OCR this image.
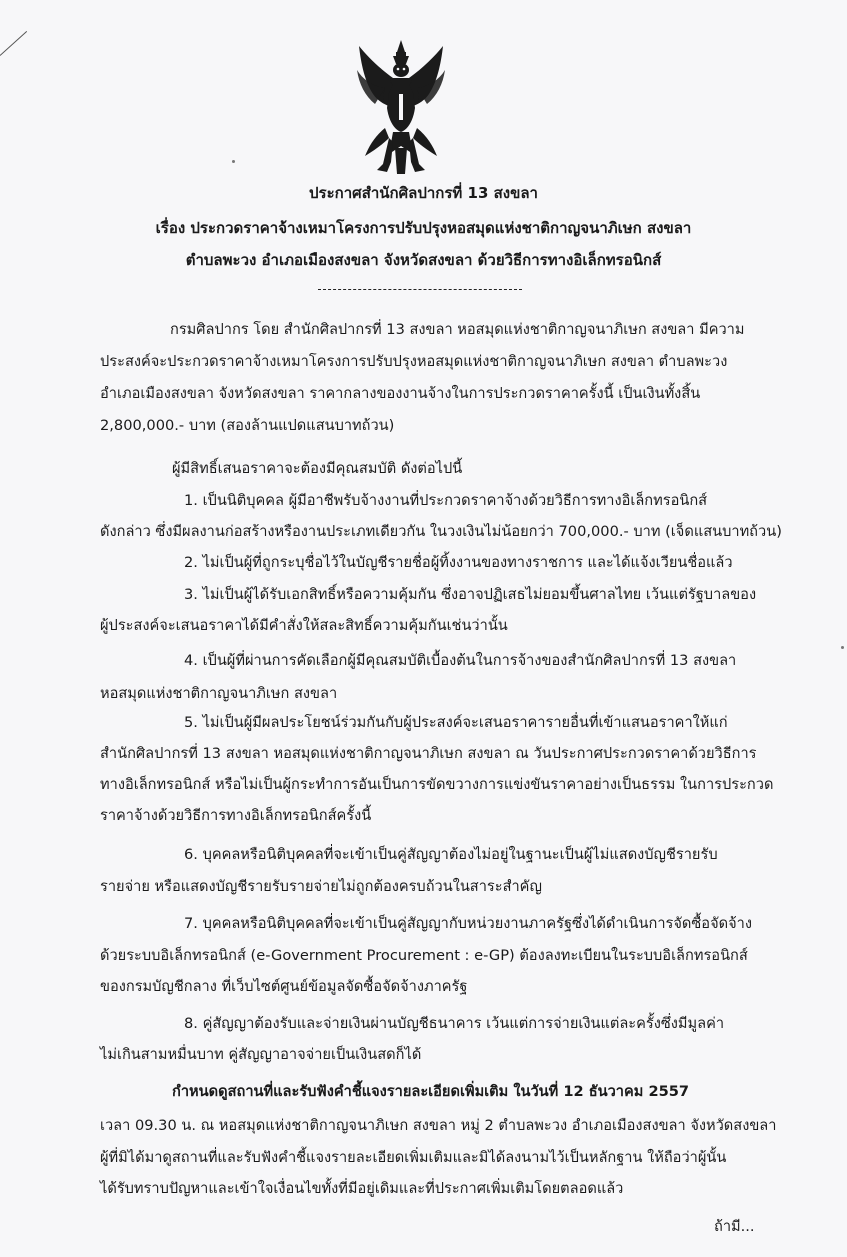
ประกาศสำนักศิลปากรที่ 13 สงขลา
เรื่อง ประกวดราคาจ้างเหมาโครงการปรับปรุงหอสมุดแห่งชาติกาญจนาภิเษก สงขลา
ตำบลพะวง อำเภอเมืองสงขลา จังหวัดสงขลา ด้วยวิธีการทางอิเล็กทรอนิกส์
กรมศิลปากร โดย สำนักศิลปากรที่ 13 สงขลา หอสมุดแห่งชาติกาญจนาภิเษก สงขลา มีความ
ประสงค์จะประกวดราคาจ้างเหมาโครงการปรับปรุงหอสมุดแห่งชาติกาญจนาภิเษก สงขลา ตำบลพะวง
อำเภอเมืองสงขลา จังหวัดสงขลา ราคากลางของงานจ้างในการประกวดราคาครั้งนี้ เป็นเงินทั้งสิ้น
2,800,000.- บาท (สองล้านแปดแสนบาทถ้วน)
ผู้มีสิทธิ์เสนอราคาจะต้องมีคุณสมบัติ ดังต่อไปนี้
1. เป็นนิติบุคคล ผู้มีอาชีพรับจ้างงานที่ประกวดราคาจ้างด้วยวิธีการทางอิเล็กทรอนิกส์
ดังกล่าว ซึ่งมีผลงานก่อสร้างหรืองานประเภทเดียวกัน ในวงเงินไม่น้อยกว่า 700,000.- บาท (เจ็ดแสนบาทถ้วน)
2. ไม่เป็นผู้ที่ถูกระบุชื่อไว้ในบัญชีรายชื่อผู้ทิ้งงานของทางราชการ และได้แจ้งเวียนชื่อแล้ว
3. ไม่เป็นผู้ได้รับเอกสิทธิ์หรือความคุ้มกัน ซึ่งอาจปฏิเสธไม่ยอมขึ้นศาลไทย เว้นแต่รัฐบาลของ
ผู้ประสงค์จะเสนอราคาได้มีคำสั่งให้สละสิทธิ์ความคุ้มกันเช่นว่านั้น
4. เป็นผู้ที่ผ่านการคัดเลือกผู้มีคุณสมบัติเบื้องต้นในการจ้างของสำนักศิลปากรที่ 13 สงขลา
หอสมุดแห่งชาติกาญจนาภิเษก สงขลา
5. ไม่เป็นผู้มีผลประโยชน์ร่วมกันกับผู้ประสงค์จะเสนอราคารายอื่นที่เข้าแสนอราคาให้แก่
สำนักศิลปากรที่ 13 สงขลา หอสมุดแห่งชาติกาญจนาภิเษก สงขลา ณ วันประกาศประกวดราคาด้วยวิธีการ
ทางอิเล็กทรอนิกส์ หรือไม่เป็นผู้กระทำการอันเป็นการขัดขวางการแข่งขันราคาอย่างเป็นธรรม ในการประกวด
ราคาจ้างด้วยวิธีการทางอิเล็กทรอนิกส์ครั้งนี้
6. บุคคลหรือนิติบุคคลที่จะเข้าเป็นคู่สัญญาต้องไม่อยู่ในฐานะเป็นผู้ไม่แสดงบัญชีรายรับ
รายจ่าย หรือแสดงบัญชีรายรับรายจ่ายไม่ถูกต้องครบถ้วนในสาระสำคัญ
7. บุคคลหรือนิติบุคคลที่จะเข้าเป็นคู่สัญญากับหน่วยงานภาครัฐซึ่งได้ดำเนินการจัดซื้อจัดจ้าง
ด้วยระบบอิเล็กทรอนิกส์ (e-Government Procurement : e-GP) ต้องลงทะเบียนในระบบอิเล็กทรอนิกส์
ของกรมบัญชีกลาง ที่เว็บไซต์ศูนย์ข้อมูลจัดซื้อจัดจ้างภาครัฐ
8. คู่สัญญาต้องรับและจ่ายเงินผ่านบัญชีธนาคาร เว้นแต่การจ่ายเงินแต่ละครั้งซึ่งมีมูลค่า
ไม่เกินสามหมื่นบาท คู่สัญญาอาจจ่ายเป็นเงินสดก็ได้
กำหนดดูสถานที่และรับฟังคำชี้แจงรายละเอียดเพิ่มเติม ในวันที่ 12 ธันวาคม 2557
เวลา 09.30 น. ณ หอสมุดแห่งชาติกาญจนาภิเษก สงขลา หมู่ 2 ตำบลพะวง อำเภอเมืองสงขลา จังหวัดสงขลา
ผู้ที่มิได้มาดูสถานที่และรับฟังคำชี้แจงรายละเอียดเพิ่มเติมและมิได้ลงนามไว้เป็นหลักฐาน ให้ถือว่าผู้นั้น
ได้รับทราบปัญหาและเข้าใจเงื่อนไขทั้งที่มีอยู่เดิมและที่ประกาศเพิ่มเติมโดยตลอดแล้ว
ถ้ามี...
